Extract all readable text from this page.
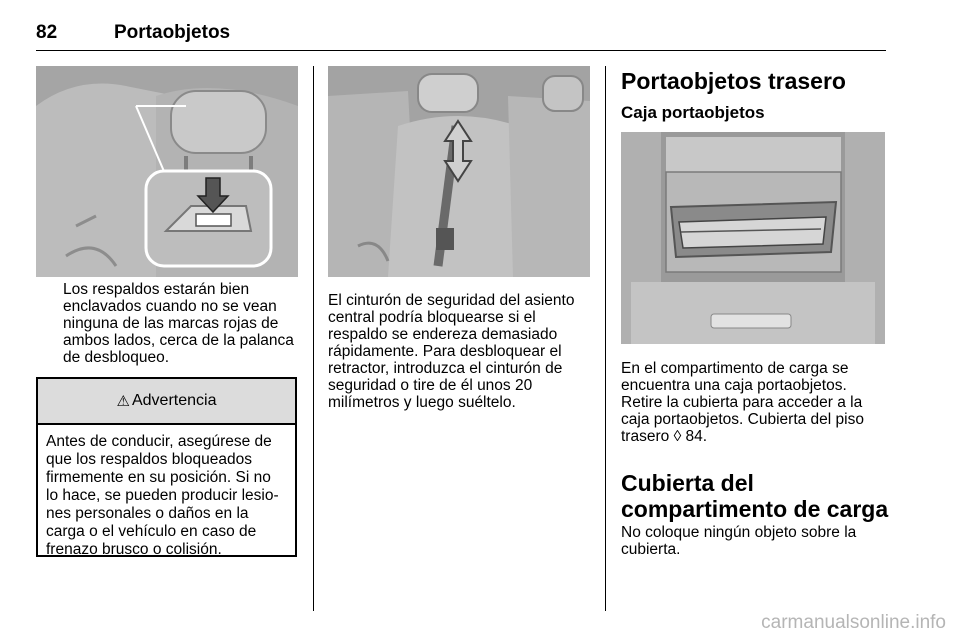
82	Portaobjetos
Los respaldos estarán bien enclavados cuando no se vean ninguna de las marcas rojas de ambos lados, cerca de la palanca de desbloqueo.
⚠ Advertencia
Antes de conducir, asegúrese de que los respaldos bloqueados firmemente en su posición. Si no lo hace, se pueden producir lesiones personales o daños en la carga o el vehículo en caso de frenazo brusco o colisión.
El cinturón de seguridad del asiento central podría bloquearse si el respaldo se endereza demasiado rápidamente. Para desbloquear el retractor, introduzca el cinturón de seguridad o tire de él unos 20 milímetros y luego suéltelo.
Portaobjetos trasero
Caja portaobjetos
En el compartimento de carga se encuentra una caja portaobjetos. Retire la cubierta para acceder a la caja portaobjetos. Cubierta del piso trasero ◊ 84.
Cubierta del compartimento de carga
No coloque ningún objeto sobre la cubierta.
carmanualsonline.info
